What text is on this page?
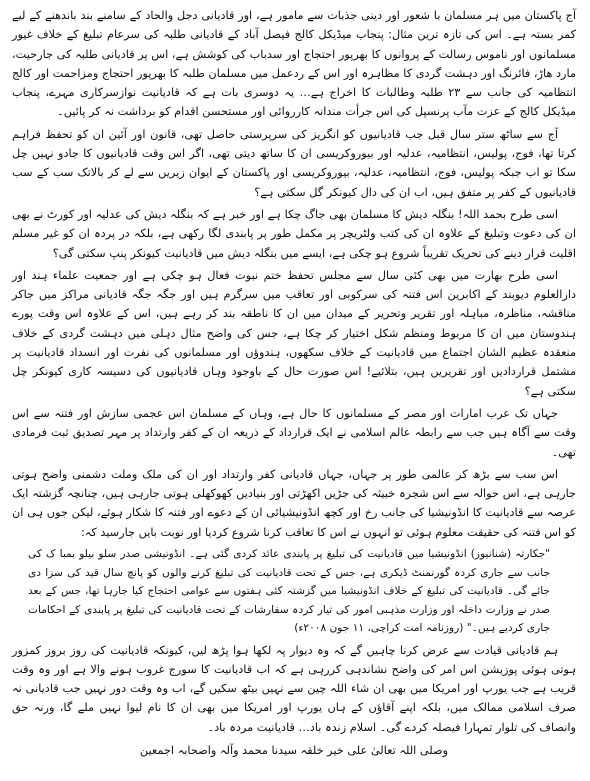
آج پاکستان میں ہر مسلمان با شعور اور دینی جذبات سے مامور ہے، اور قادیانی دجل والحاد کے سامنے بند باندھنے کے لیے کمر بستہ ہے۔ اس کی تازہ ترین مثال: پنجاب میڈیکل کالج فیصل آباد کے قادیانی طلبہ کی سرعام تبلیغ کے خلاف غیور مسلمانوں اور ناموس رسالت کے پروانوں کا بھرپور احتجاج اور سدباب کی کوشش ہے، اس پر قادیانی طلبہ کی جارحیت، مارد ھاڑ، فائرنگ اور دہشت گردی کا مظاہرہ اور اس کے ردعمل میں مسلمان طلبہ کا بھرپور احتجاج ومزاحمت اور کالج انتظامیہ کی جانب سے ۲۳ طلبہ وطالبات کا اخراج ہے… یہ دوسری بات ہے کہ قادیانیت نوازسرکاری مہرے، پنجاب میڈیکل کالج کے عزت مآب پرنسپل کی اس جرأت مندانہ کارروائی اور مستحسن اقدام کو برداشت نہ کر پائیں۔

آج سے ساٹھ ستر سال قبل جب قادیانیوں کو انگریز کی سرپرستی حاصل تھی، قانون اور آئین ان کو تحفظ فراہم کرتا تھا، فوج، پولیس، انتظامیہ، عدلیہ اور بیوروکریسی ان کا ساتھ دیتی تھی، اگر اس وقت قادیانیوں کا جادو نہیں چل سکا تو اب جبکہ پولیس، فوج، انتظامیہ، عدلیہ، بیوروکریسی اور پاکستان کے ایوان زیریں سے لے کر بالاتک سب کے سب قادیانیوں کے کفر پر متفق ہیں، اب ان کی دال کیونکر گل سکتی ہے؟

اسی طرح بحمد اللہ! بنگلہ دیش کا مسلمان بھی جاگ چکا ہے اور خبر ہے کہ بنگلہ دیش کی عدلیہ اور کورٹ نے بھی ان کی دعوت وتبلیغ کے علاوہ ان کی کتب ولٹریچر پر مکمل طور پر پابندی لگا رکھی ہے، بلکہ در پردہ ان کو غیر مسلم اقلیت قرار دینے کی تحریک تقریباً شروع ہو چکی ہے، ایسے میں بنگلہ دیش میں قادیانیت کیونکر پنپ سکتی گی؟

اسی طرح بھارت میں بھی کئی سال سے مجلس تحفظ ختم نبوت فعال ہو چکی ہے اور جمعیت علماء ہند اور دارالعلوم دیوبند کے اکابرین اس فتنہ کی سرکوبی اور تعاقب میں سرگرم ہیں اور جگہ جگہ قادیانی مراکز میں جاکر مناقشہ، مناظرہ، مباہلہ اور تقریر وتحریر کے میدان میں ان کا ناطقہ بند کر رہے ہیں، اس کے علاوہ اس وقت پورے ہندوستان میں ان کا مربوط ومنظم شکل اختیار کر چکا ہے، جس کی واضح مثال دہلی میں دہشت گردی کے خلاف منعقدہ عظیم الشان اجتماع میں قادیانیت کے خلاف سکھوں، ہندوؤں اور مسلمانوں کی نفرت اور انسداد قادیانیت پر مشتمل قراردادیں اور تقریریں ہیں، بتلائیے! اس صورت حال کے باوجود وہاں قادیانیوں کی دسیسہ کاری کیونکر چل سکتی ہے؟

جہاں تک عرب امارات اور مصر کے مسلمانوں کا حال ہے، وہاں کے مسلمان اس عجمی سازش اور فتنہ سے اس وقت سے آگاہ ہیں جب سے رابطہ عالم اسلامی نے ایک قرارداد کے ذریعہ ان کے کفر وارتداد پر مہر تصدیق ثبت فرمادی تھی۔

اس سب سے بڑھ کر عالمی طور پر جہاں، جہاں قادیانی کفر وارتداد اور ان کی ملک وملت دشمنی واضح ہوتی جارہی ہے، اس حوالہ سے اس شجرہ خبیثہ کی جڑیں اکھڑتی اور بنیادیں کھوکھلی ہوتی جارہی ہیں، چنانچہ گزشتہ ایک عرصہ سے قادیانیت کا انڈونیشیا کی جانب رخ اور کچھ انڈونیشیائی ان کے دعوے اور فتنہ کا شکار ہوئے، لیکن جوں ہی ان کو اس فتنہ کی حقیقت معلوم ہوئی تو انہوں نے اس کا تعاقب کرنا شروع کردیا اور نوبت بایں جارسید کہ:

"جکارتہ (شنانیوز) انڈونیشیا میں قادیانیت کی تبلیغ پر پابندی عائد کردی گئی ہے۔ انڈونیشی صدر سلو بیلو بمبا ک کی جانب سے جاری کردہ گورنمنٹ ڈیکری ہے، جس کے تحت قادیانیت کی تبلیغ کرنے والوں کو پانچ سال قید کی سزا دی جائے گی۔ قادیانیت کی تبلیغ کے خلاف انڈونیشیا میں گزشتہ کئی ہفتوں سے عوامی احتجاج کیا جارہا تھا، جس کے بعد صدر نے وزارت داخلہ اور وزارت مذہبی امور کی تیار کردہ سفارشات کے تحت قادیانیت کی تبلیغ پر پابندی کے احکامات جاری کردیے ہیں۔" (روزنامہ امت کراچی، ۱۱ جون ۲۰۰۸ء)

ہم قادیانی قیادت سے عرض کرنا چاہیں گے کہ وہ دیوار پہ لکھا ہوا پڑھ لیں، کیونکہ قادیانیت کی روز بروز کمزور ہوتی ہوئی پوزیشن اس امر کی واضح نشاندہی کررہی ہے کہ اب قادیانیت کا سورج غروب ہونے والا ہے اور وہ وقت قریب ہے جب یورپ اور امریکا میں بھی ان شاء اللہ چین سے نہیں بیٹھ سکیں گے، اب وہ وقت دور نہیں جب قادیانی نہ صرف اسلامی ممالک میں، بلکہ اپنے آقاؤں کے ہاں یورپ اور امریکا میں بھی ان کا نام لیوا نہیں ملے گا، ورنہ حق وانصاف کی تلوار تمہارا فیصلہ کردے گی۔ اسلام زندہ باد… قادیانیت مردہ باد۔

وصلی اللہ تعالیٰ علی خیر خلقہ سیدنا محمد وآلہ واصحابہ اجمعین
